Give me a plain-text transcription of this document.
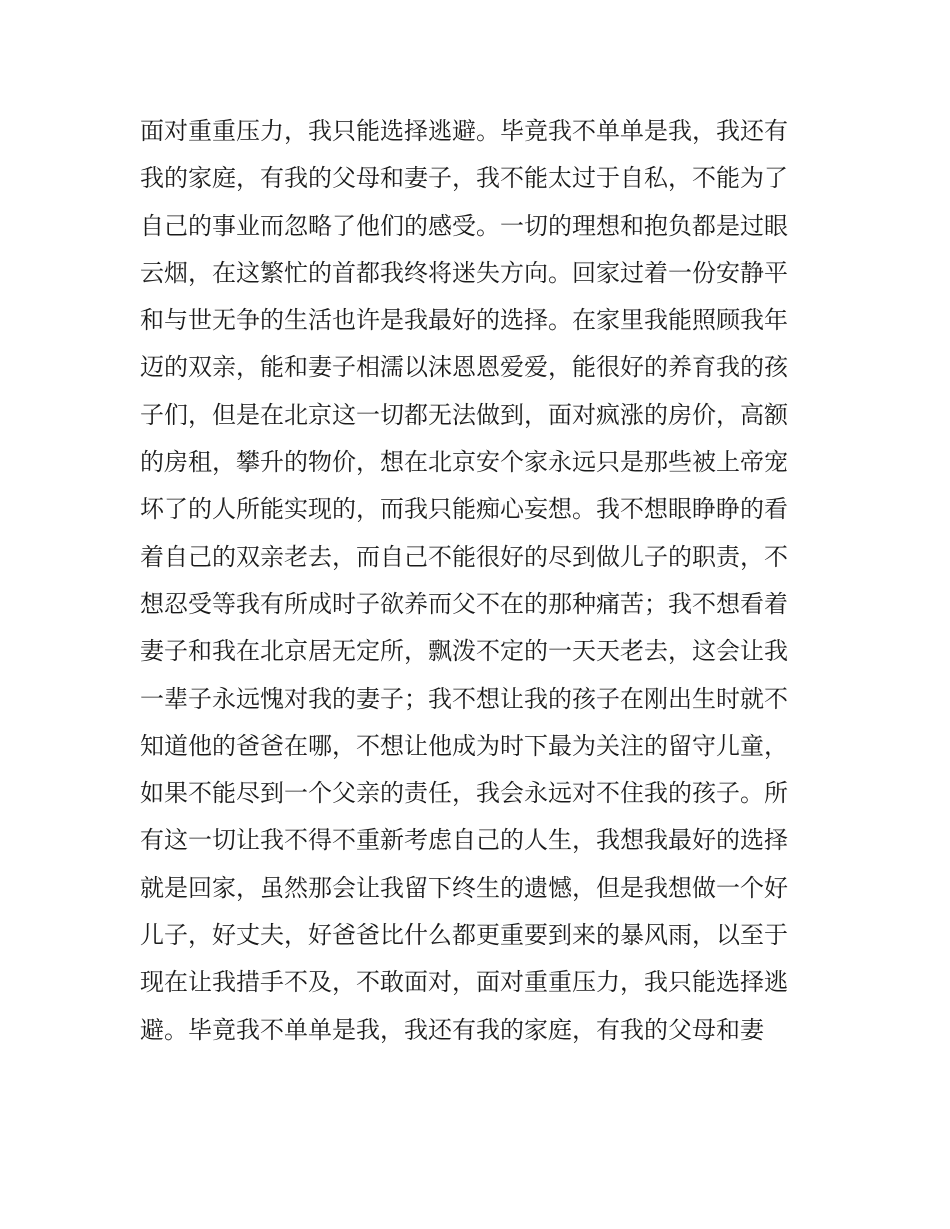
面对重重压力，我只能选择逃避。毕竟我不单单是我，我还有
我的家庭，有我的父母和妻子，我不能太过于自私，不能为了
自己的事业而忽略了他们的感受。一切的理想和抱负都是过眼
云烟，在这繁忙的首都我终将迷失方向。回家过着一份安静平
和与世无争的生活也许是我最好的选择。在家里我能照顾我年
迈的双亲，能和妻子相濡以沫恩恩爱爱，能很好的养育我的孩
子们，但是在北京这一切都无法做到，面对疯涨的房价，高额
的房租，攀升的物价，想在北京安个家永远只是那些被上帝宠
坏了的人所能实现的，而我只能痴心妄想。我不想眼睁睁的看
着自己的双亲老去，而自己不能很好的尽到做儿子的职责，不
想忍受等我有所成时子欲养而父不在的那种痛苦；我不想看着
妻子和我在北京居无定所，飘泼不定的一天天老去，这会让我
一辈子永远愧对我的妻子；我不想让我的孩子在刚出生时就不
知道他的爸爸在哪，不想让他成为时下最为关注的留守儿童，
如果不能尽到一个父亲的责任，我会永远对不住我的孩子。所
有这一切让我不得不重新考虑自己的人生，我想我最好的选择
就是回家，虽然那会让我留下终生的遗憾，但是我想做一个好
儿子，好丈夫，好爸爸比什么都更重要到来的暴风雨，以至于
现在让我措手不及，不敢面对，面对重重压力，我只能选择逃
避。毕竟我不单单是我，我还有我的家庭，有我的父母和妻
